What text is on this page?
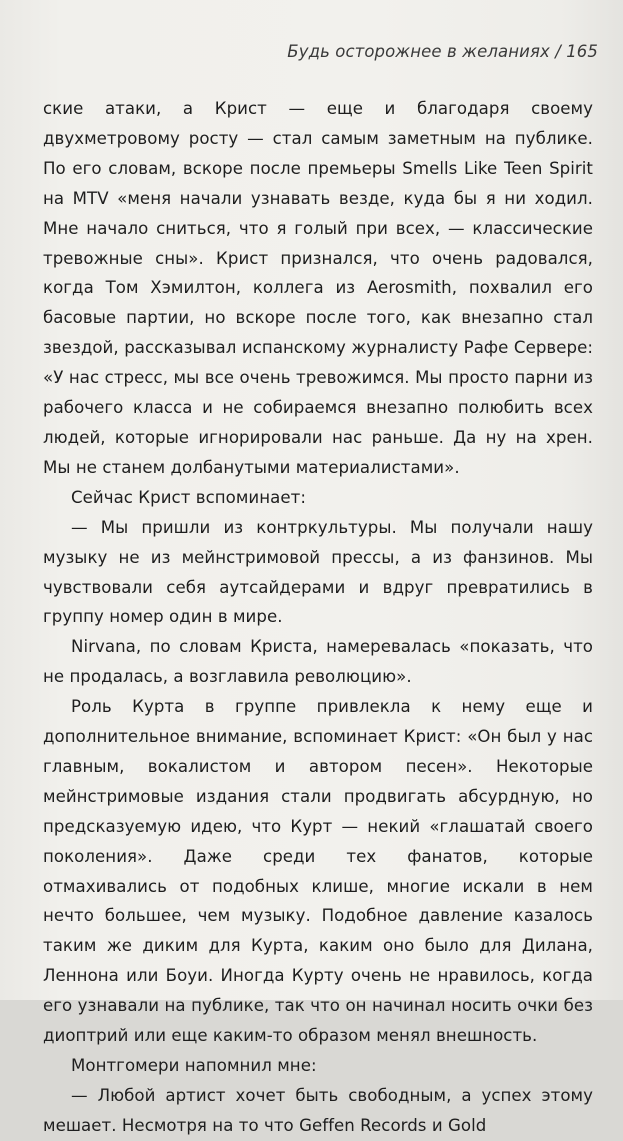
Будь осторожнее в желаниях / 165

ские атаки, а Крист — еще и благодаря своему двухметровому росту — стал самым заметным на публике. По его словам, вскоре после премьеры Smells Like Teen Spirit на MTV «меня начали узнавать везде, куда бы я ни ходил. Мне начало сниться, что я голый при всех, — классические тревожные сны». Крист признался, что очень радовался, когда Том Хэмилтон, коллега из Aerosmith, похвалил его басовые партии, но вскоре после того, как внезапно стал звездой, рассказывал испанскому журналисту Рафе Сервере: «У нас стресс, мы все очень тревожимся. Мы просто парни из рабочего класса и не собираемся внезапно полюбить всех людей, которые игнорировали нас раньше. Да ну на хрен. Мы не станем долбанутыми материалистами».

Сейчас Крист вспоминает:

— Мы пришли из контркультуры. Мы получали нашу музыку не из мейнстримовой прессы, а из фанзинов. Мы чувствовали себя аутсайдерами и вдруг превратились в группу номер один в мире.

Nirvana, по словам Криста, намеревалась «показать, что не продалась, а возглавила революцию».

Роль Курта в группе привлекла к нему еще и дополнительное внимание, вспоминает Крист: «Он был у нас главным, вокалистом и автором песен». Некоторые мейнстримовые издания стали продвигать абсурдную, но предсказуемую идею, что Курт — некий «глашатай своего поколения». Даже среди тех фанатов, которые отмахивались от подобных клише, многие искали в нем нечто большее, чем музыку. Подобное давление казалось таким же диким для Курта, каким оно было для Дилана, Леннона или Боуи. Иногда Курту очень не нравилось, когда его узнавали на публике, так что он начинал носить очки без диоптрий или еще каким-то образом менял внешность.

Монтгомери напомнил мне:

— Любой артист хочет быть свободным, а успех этому мешает. Несмотря на то что Geffen Records и Gold
